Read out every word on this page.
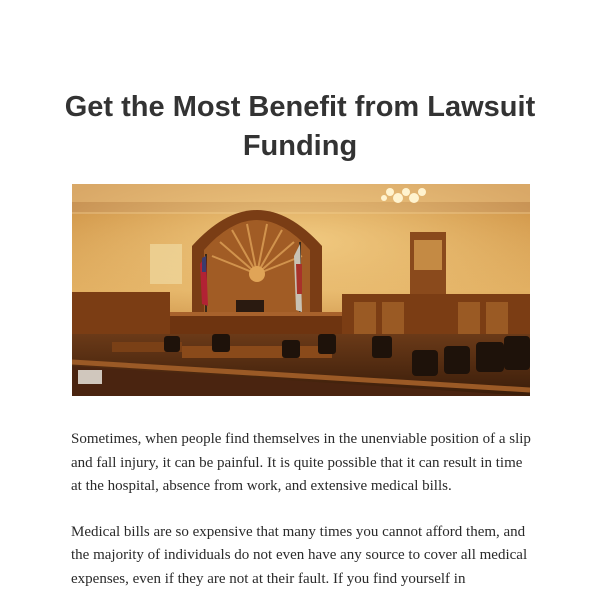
Get the Most Benefit from Lawsuit Funding

Sometimes, when people find themselves in the unenviable position of a slip and fall injury, it can be painful. It is quite possible that it can result in time at the hospital, absence from work, and extensive medical bills.

Medical bills are so expensive that many times you cannot afford them, and the majority of individuals do not even have any source to cover all medical expenses, even if they are not at their fault. If you find yourself in
